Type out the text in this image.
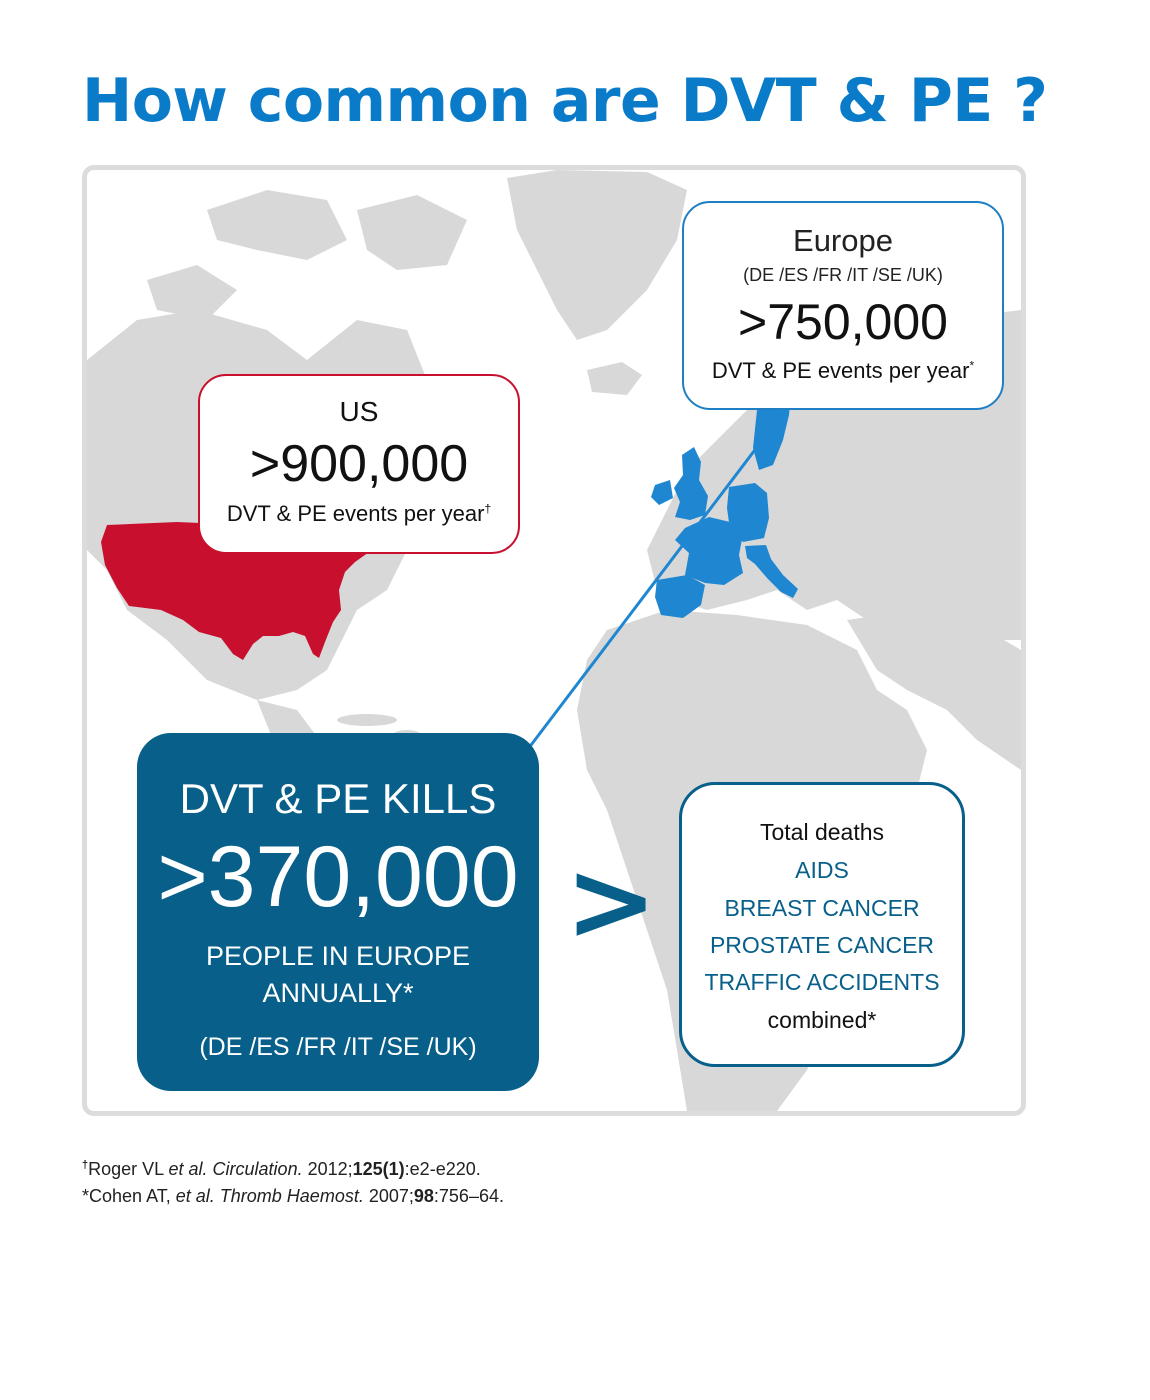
How common are DVT & PE ?
US
>900,000
DVT & PE events per year†
Europe
(DE /ES /FR /IT /SE /UK)
>750,000
DVT & PE events per year*
DVT & PE KILLS
>370,000
PEOPLE IN EUROPE
ANNUALLY*
(DE /ES /FR /IT /SE /UK)
>
Total deaths
AIDS
BREAST CANCER
PROSTATE CANCER
TRAFFIC ACCIDENTS
combined*
†Roger VL et al. Circulation. 2012;125(1):e2-e220.
*Cohen AT, et al. Thromb Haemost. 2007;98:756–64.
